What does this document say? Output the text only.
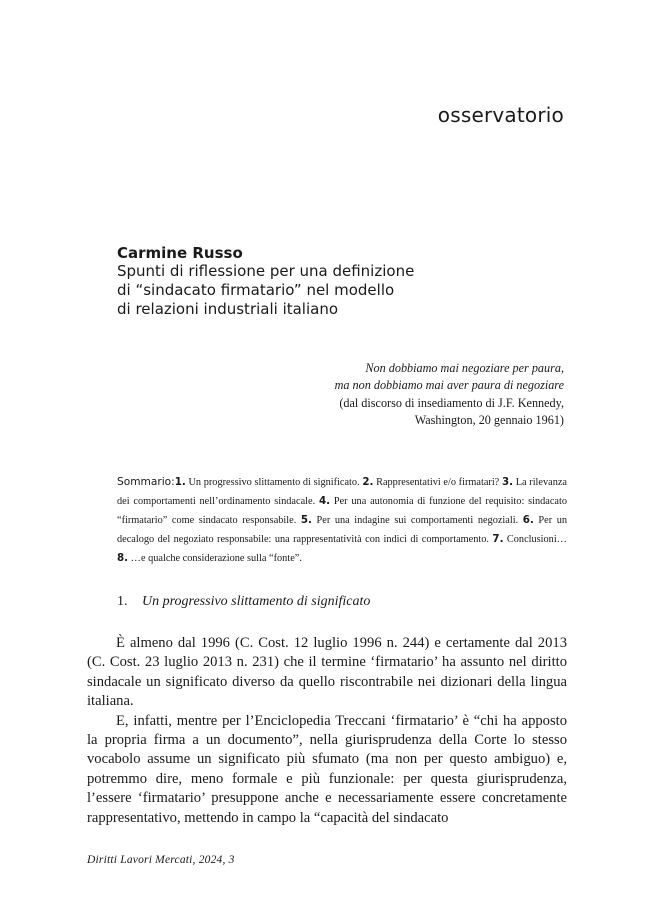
osservatorio
Carmine Russo
Spunti di riflessione per una definizione
di “sindacato firmatario” nel modello
di relazioni industriali italiano
Non dobbiamo mai negoziare per paura,
ma non dobbiamo mai aver paura di negoziare
(dal discorso di insediamento di J.F. Kennedy,
Washington, 20 gennaio 1961)
Sommario:1. Un progressivo slittamento di significato. 2. Rappresentativi e/o firmatari? 3. La rilevanza dei comportamenti nell’ordinamento sindacale. 4. Per una autonomia di funzione del requisito: sindacato “firmatario” come sindacato responsabile. 5. Per una indagine sui comportamenti negoziali. 6. Per un decalogo del negoziato responsabile: una rappresentatività con indici di comportamento. 7. Conclusioni… 8. …e qualche considerazione sulla “fonte”.
1. Un progressivo slittamento di significato

È almeno dal 1996 (C. Cost. 12 luglio 1996 n. 244) e certamente dal 2013 (C. Cost. 23 luglio 2013 n. 231) che il termine ‘firmatario’ ha assunto nel diritto sindacale un significato diverso da quello riscontrabile nei dizionari della lingua italiana.

E, infatti, mentre per l’Enciclopedia Treccani ‘firmatario’ è “chi ha apposto la propria firma a un documento”, nella giurisprudenza della Corte lo stesso vocabolo assume un significato più sfumato (ma non per questo ambiguo) e, potremmo dire, meno formale e più funzionale: per questa giurisprudenza, l’essere ‘firmatario’ presuppone anche e necessariamente essere concretamente rappresentativo, mettendo in campo la “capacità del sindacato

Diritti Lavori Mercati, 2024, 3
